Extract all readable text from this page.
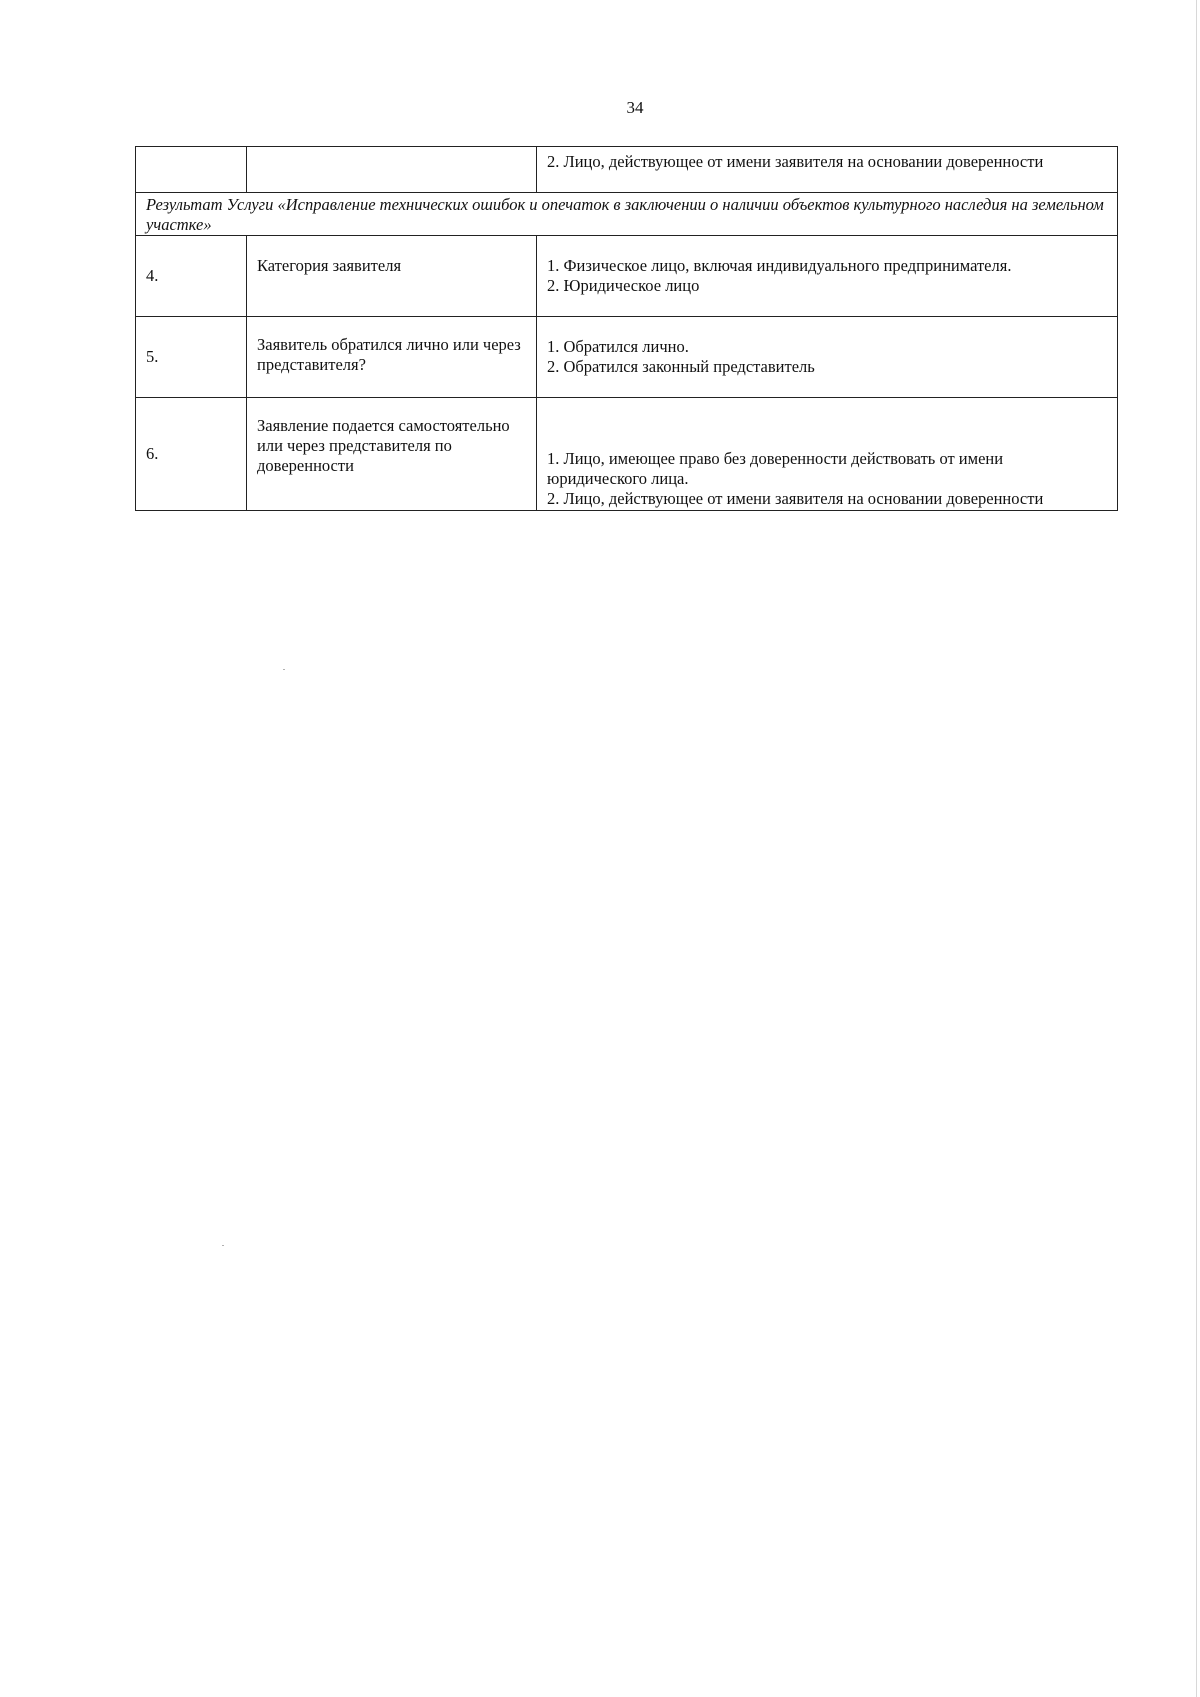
34

		2. Лицо, действующее от имени заявителя на основании доверенности

Результат Услуги «Исправление технических ошибок и опечаток в заключении о наличии объектов культурного наследия на земельном участке»		
4.	Категория заявителя	1. Физическое лицо, включая индивидуального предпринимателя.
2. Юридическое лицо

5.	Заявитель обратился лично или через представителя?	1. Обратился лично.
2. Обратился законный представитель

6.	Заявление подается самостоятельно или через представителя по доверенности	1. Лицо, имеющее право без доверенности действовать от имени юридического лица.
2. Лицо, действующее от имени заявителя на основании доверенности
